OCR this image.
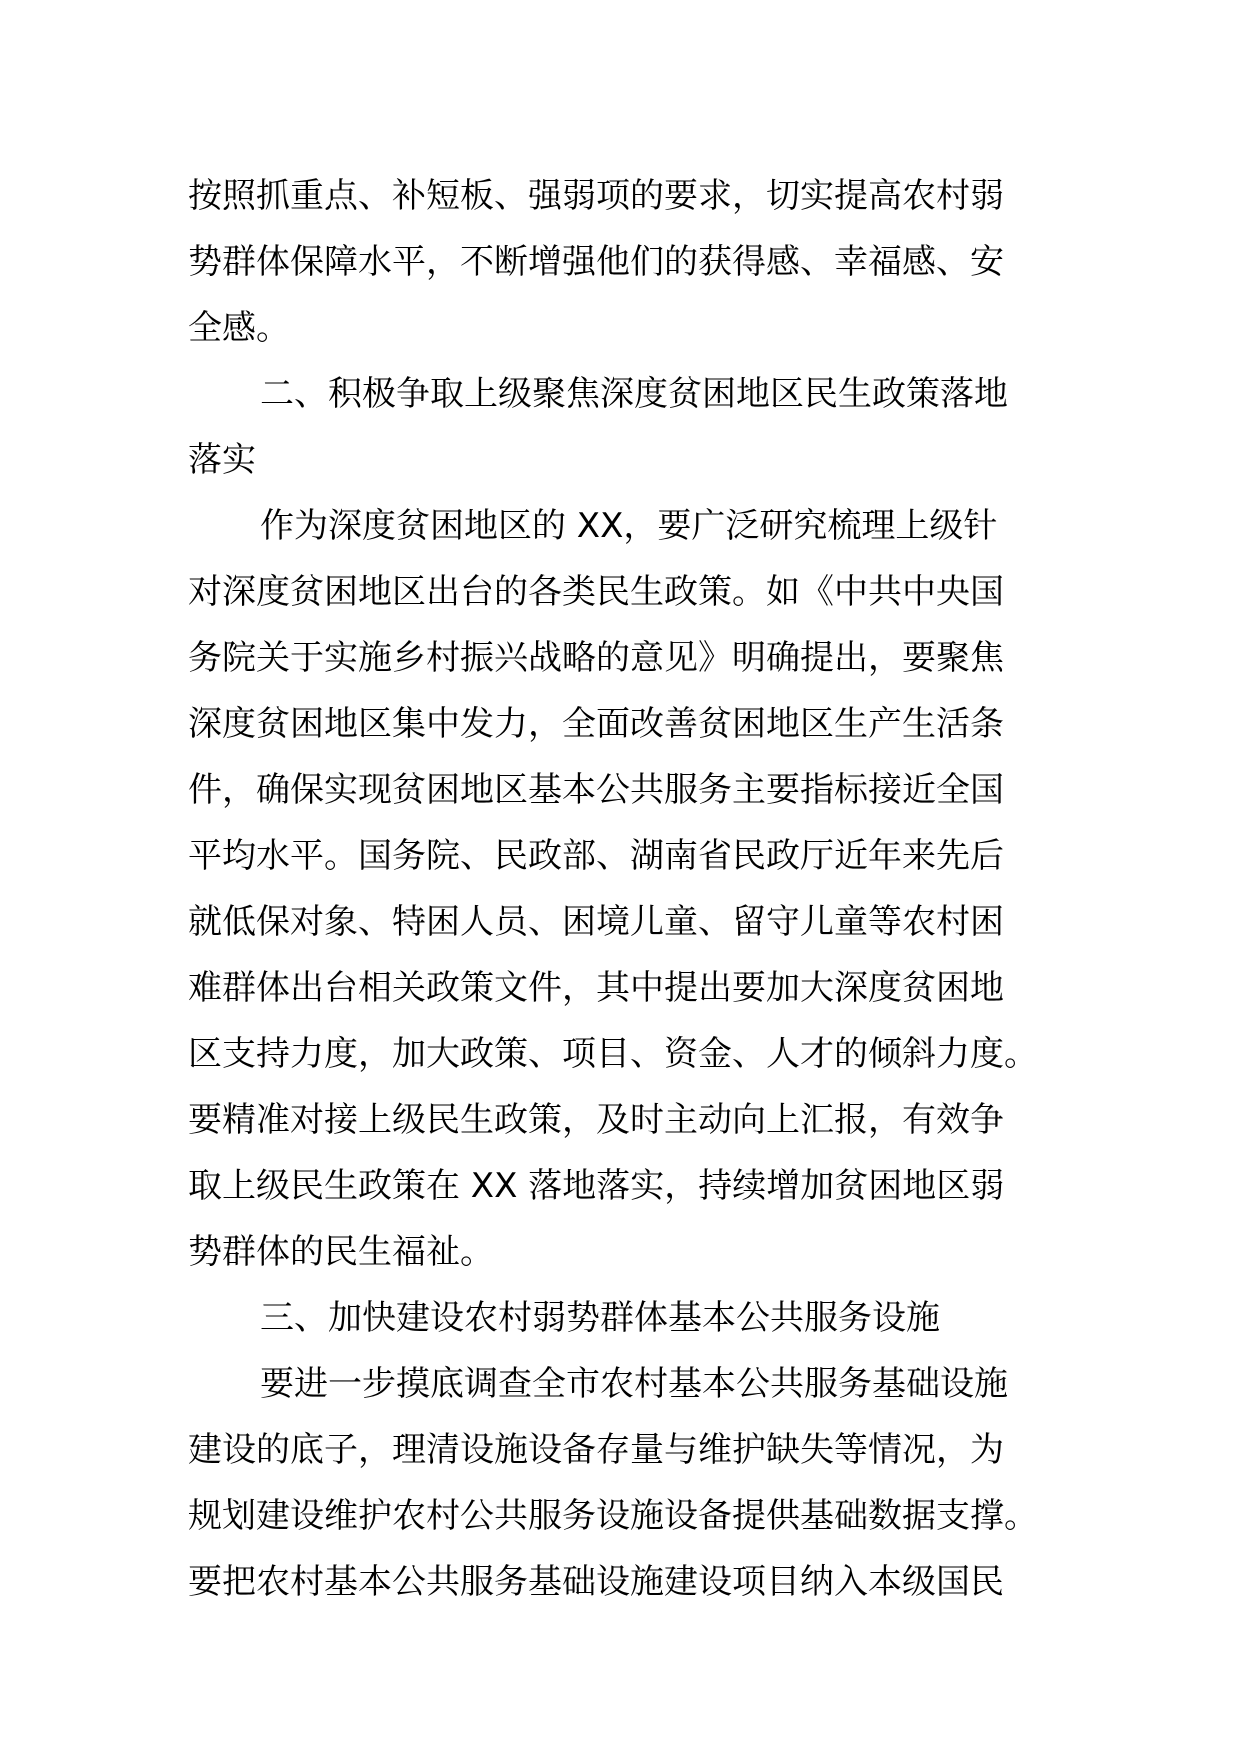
按照抓重点、补短板、强弱项的要求，切实提高农村弱
势群体保障水平，不断增强他们的获得感、幸福感、安
全感。
二、积极争取上级聚焦深度贫困地区民生政策落地
落实
作为深度贫困地区的 XX，要广泛研究梳理上级针
对深度贫困地区出台的各类民生政策。如《中共中央国
务院关于实施乡村振兴战略的意见》明确提出，要聚焦
深度贫困地区集中发力，全面改善贫困地区生产生活条
件，确保实现贫困地区基本公共服务主要指标接近全国
平均水平。国务院、民政部、湖南省民政厅近年来先后
就低保对象、特困人员、困境儿童、留守儿童等农村困
难群体出台相关政策文件，其中提出要加大深度贫困地
区支持力度，加大政策、项目、资金、人才的倾斜力度。
要精准对接上级民生政策，及时主动向上汇报，有效争
取上级民生政策在 XX 落地落实，持续增加贫困地区弱
势群体的民生福祉。
三、加快建设农村弱势群体基本公共服务设施
要进一步摸底调查全市农村基本公共服务基础设施
建设的底子，理清设施设备存量与维护缺失等情况，为
规划建设维护农村公共服务设施设备提供基础数据支撑。
要把农村基本公共服务基础设施建设项目纳入本级国民
